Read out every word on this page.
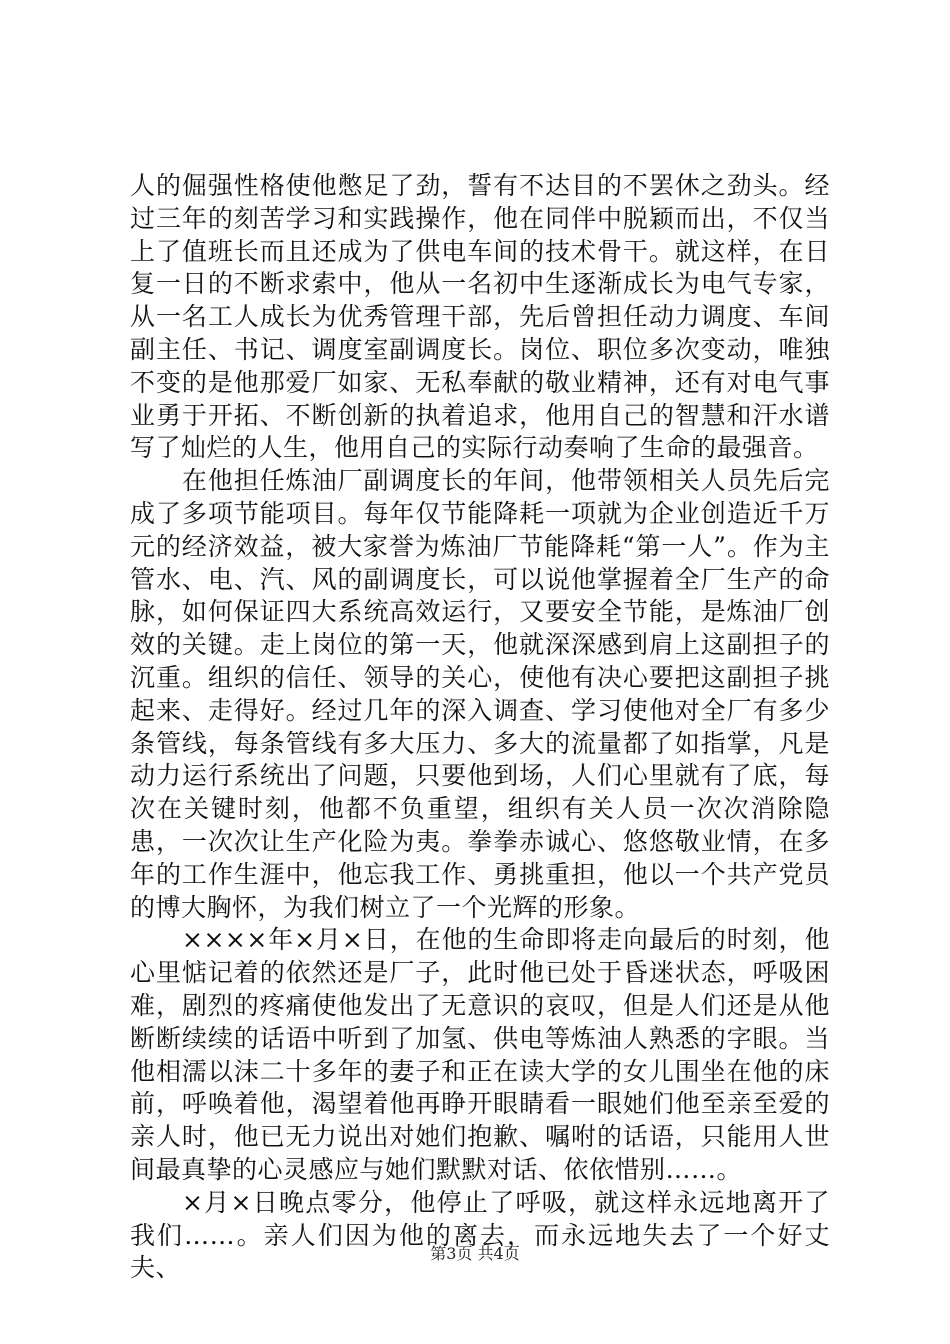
人的倔强性格使他憋足了劲，誓有不达目的不罢休之劲头。经过三年的刻苦学习和实践操作，他在同伴中脱颖而出，不仅当上了值班长而且还成为了供电车间的技术骨干。就这样，在日复一日的不断求索中，他从一名初中生逐渐成长为电气专家，从一名工人成长为优秀管理干部，先后曾担任动力调度、车间副主任、书记、调度室副调度长。岗位、职位多次变动，唯独不变的是他那爱厂如家、无私奉献的敬业精神，还有对电气事业勇于开拓、不断创新的执着追求，他用自己的智慧和汗水谱写了灿烂的人生，他用自己的实际行动奏响了生命的最强音。

在他担任炼油厂副调度长的年间，他带领相关人员先后完成了多项节能项目。每年仅节能降耗一项就为企业创造近千万元的经济效益，被大家誉为炼油厂节能降耗“第一人”。作为主管水、电、汽、风的副调度长，可以说他掌握着全厂生产的命脉，如何保证四大系统高效运行，又要安全节能，是炼油厂创效的关键。走上岗位的第一天，他就深深感到肩上这副担子的沉重。组织的信任、领导的关心，使他有决心要把这副担子挑起来、走得好。经过几年的深入调查、学习使他对全厂有多少条管线，每条管线有多大压力、多大的流量都了如指掌，凡是动力运行系统出了问题，只要他到场，人们心里就有了底，每次在关键时刻，他都不负重望，组织有关人员一次次消除隐患，一次次让生产化险为夷。拳拳赤诚心、悠悠敬业情，在多年的工作生涯中，他忘我工作、勇挑重担，他以一个共产党员的博大胸怀，为我们树立了一个光辉的形象。

××××年×月×日，在他的生命即将走向最后的时刻，他心里惦记着的依然还是厂子，此时他已处于昏迷状态，呼吸困难，剧烈的疼痛使他发出了无意识的哀叹，但是人们还是从他断断续续的话语中听到了加氢、供电等炼油人熟悉的字眼。当他相濡以沫二十多年的妻子和正在读大学的女儿围坐在他的床前，呼唤着他，渴望着他再睁开眼睛看一眼她们他至亲至爱的亲人时，他已无力说出对她们抱歉、嘱咐的话语，只能用人世间最真挚的心灵感应与她们默默对话、依依惜别……。

×月×日晚点零分，他停止了呼吸，就这样永远地离开了我们……。亲人们因为他的离去，而永远地失去了一个好丈夫、	第3页 共4页
